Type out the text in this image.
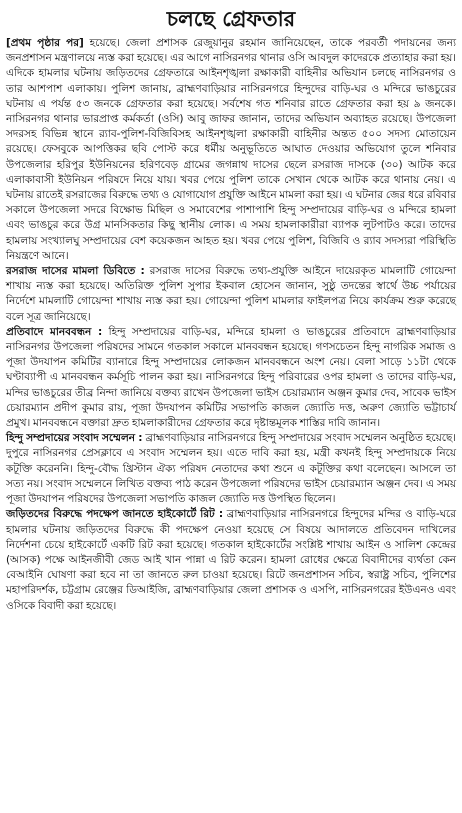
চলছে গ্রেফতার

[প্রথম পৃষ্ঠার পর] হয়েছে। জেলা প্রশাসক রেজুয়ানুর রহমান জানিয়েছেন, তাকে পরবর্তী পদায়নের জন্য জনপ্রশাসন মন্ত্রণালয়ে ন্যস্ত করা হয়েছে। এর আগে নাসিরনগর থানার ওসি আবদুল কাদেরকে প্রত্যাহার করা হয়। এদিকে হামলার ঘটনায় জড়িতদের গ্রেফতারে আইনশৃঙ্খলা রক্ষাকারী বাহিনীর অভিযান চলছে নাসিরনগর ও তার আশপাশ এলাকায়। পুলিশ জানায়, ব্রাহ্মণবাড়িয়ার নাসিরনগরে হিন্দুদের বাড়ি-ঘর ও মন্দিরে ভাঙচুরের ঘটনায় এ পর্যন্ত ৫৩ জনকে গ্রেফতার করা হয়েছে। সর্বশেষ গত শনিবার রাতে গ্রেফতার করা হয় ৯ জনকে। নাসিরনগর থানার ভারপ্রাপ্ত কর্মকর্তা (ওসি) আবু জাফর জানান, তাদের অভিযান অব্যাহত রয়েছে। উপজেলা সদরসহ বিভিন্ন স্থানে র‌্যাব-পুলিশ-বিজিবিসহ আইনশৃঙ্খলা রক্ষাকারী বাহিনীর অন্তত ৫০০ সদস্য মোতায়েন রয়েছে। ফেসবুকে আপত্তিকর ছবি পোস্ট করে ধর্মীয় অনুভূতিতে আঘাত দেওয়ার অভিযোগ তুলে শনিবার উপজেলার হরিপুর ইউনিয়নের হরিণবেড় গ্রামের জগন্নাথ দাসের ছেলে রসরাজ দাসকে (৩০) আটক করে এলাকাবাসী ইউনিয়ন পরিষদে নিয়ে যায়। খবর পেয়ে পুলিশ তাকে সেখান থেকে আটক করে থানায় নেয়। এ ঘটনায় রাতেই রসরাজের বিরুদ্ধে তথ্য ও যোগাযোগ প্রযুক্তি আইনে মামলা করা হয়। এ ঘটনার জের ধরে রবিবার সকালে উপজেলা সদরে বিক্ষোভ মিছিল ও সমাবেশের পাশাপাশি হিন্দু সম্প্রদায়ের বাড়ি-ঘর ও মন্দিরে হামলা এবং ভাঙচুর করে উগ্র মানসিকতার কিছু স্থানীয় লোক। এ সময় হামলাকারীরা ব্যাপক লুটপাটও করে। তাদের হামলায় সংখ্যালঘু সম্প্রদায়ের বেশ কয়েকজন আহত হয়। খবর পেয়ে পুলিশ, বিজিবি ও র‌্যাব সদস্যরা পরিস্থিতি নিয়ন্ত্রণে আনে।

রসরাজ দাসের মামলা ডিবিতে : রসরাজ দাসের বিরুদ্ধে তথ্য-প্রযুক্তি আইনে দায়েরকৃত মামলাটি গোয়েন্দা শাখায় ন্যস্ত করা হয়েছে। অতিরিক্ত পুলিশ সুপার ইকবাল হোসেন জানান, সুষ্ঠু তদন্তের স্বার্থে উচ্চ পর্যায়ের নির্দেশে মামলাটি গোয়েন্দা শাখায় ন্যস্ত করা হয়। গোয়েন্দা পুলিশ মামলার ফাইলপত্র নিয়ে কার্যক্রম শুরু করেছে বলে সূত্র জানিয়েছে।

প্রতিবাদে মানববন্ধন : হিন্দু সম্প্রদায়ের বাড়ি-ঘর, মন্দিরে হামলা ও ভাঙচুরের প্রতিবাদে ব্রাহ্মণবাড়িয়ার নাসিরনগর উপজেলা পরিষদের সামনে গতকাল সকালে মানববন্ধন হয়েছে। গণসচেতন হিন্দু নাগরিক সমাজ ও পূজা উদযাপন কমিটির ব্যানারে হিন্দু সম্প্রদায়ের লোকজন মানববন্ধনে অংশ নেয়। বেলা সাড়ে ১১টা থেকে ঘণ্টাব্যাপী এ মানববন্ধন কর্মসূচি পালন করা হয়। নাসিরনগরে হিন্দু পরিবারের ওপর হামলা ও তাদের বাড়ি-ঘর, মন্দির ভাঙচুরের তীব্র নিন্দা জানিয়ে বক্তব্য রাখেন উপজেলা ভাইস চেয়ারম্যান অঞ্জন কুমার দেব, সাবেক ভাইস চেয়ারম্যান প্রদীপ কুমার রায়, পূজা উদযাপন কমিটির সভাপতি কাজল জ্যোতি দত্ত, অরুণ জ্যোতি ভট্টাচার্য প্রমুখ। মানববন্ধনে বক্তারা দ্রুত হামলাকারীদের গ্রেফতার করে দৃষ্টান্তমূলক শাস্তির দাবি জানান।

হিন্দু সম্প্রদায়ের সংবাদ সম্মেলন : ব্রাহ্মণবাড়িয়ার নাসিরনগরে হিন্দু সম্প্রদায়ের সংবাদ সম্মেলন অনুষ্ঠিত হয়েছে। দুপুরে নাসিরনগর প্রেসক্লাবে এ সংবাদ সম্মেলন হয়। এতে দাবি করা হয়, মন্ত্রী কখনই হিন্দু সম্প্রদায়কে নিয়ে কটূক্তি করেননি। হিন্দু-বৌদ্ধ খ্রিস্টান ঐক্য পরিষদ নেতাদের কথা শুনে এ কটূক্তির কথা বলেছেন। আসলে তা সত্য নয়। সংবাদ সম্মেলনে লিখিত বক্তব্য পাঠ করেন উপজেলা পরিষদের ভাইস চেয়ারম্যান অঞ্জন দেব। এ সময় পূজা উদযাপন পরিষদের উপজেলা সভাপতি কাজল জ্যোতি দত্ত উপস্থিত ছিলেন।

জড়িতদের বিরুদ্ধে পদক্ষেপ জানতে হাইকোর্টে রিট : ব্রাহ্মণবাড়িয়ার নাসিরনগরে হিন্দুদের মন্দির ও বাড়ি-ঘরে হামলার ঘটনায় জড়িতদের বিরুদ্ধে কী পদক্ষেপ নেওয়া হয়েছে সে বিষয়ে আদালতে প্রতিবেদন দাখিলের নির্দেশনা চেয়ে হাইকোর্টে একটি রিট করা হয়েছে। গতকাল হাইকোর্টের সংশ্লিষ্ট শাখায় আইন ও সালিশ কেন্দ্রের (আসক) পক্ষে আইনজীবী জেড আই খান পান্না এ রিট করেন। হামলা রোধের ক্ষেত্রে বিবাদীদের ব্যর্থতা কেন বেআইনি ঘোষণা করা হবে না তা জানতে রুল চাওয়া হয়েছে। রিটে জনপ্রশাসন সচিব, স্বরাষ্ট্র সচিব, পুলিশের মহাপরিদর্শক, চট্টগ্রাম রেঞ্জের ডিআইজি, ব্রাহ্মণবাড়িয়ার জেলা প্রশাসক ও এসপি, নাসিরনগরের ইউএনও এবং ওসিকে বিবাদী করা হয়েছে।
